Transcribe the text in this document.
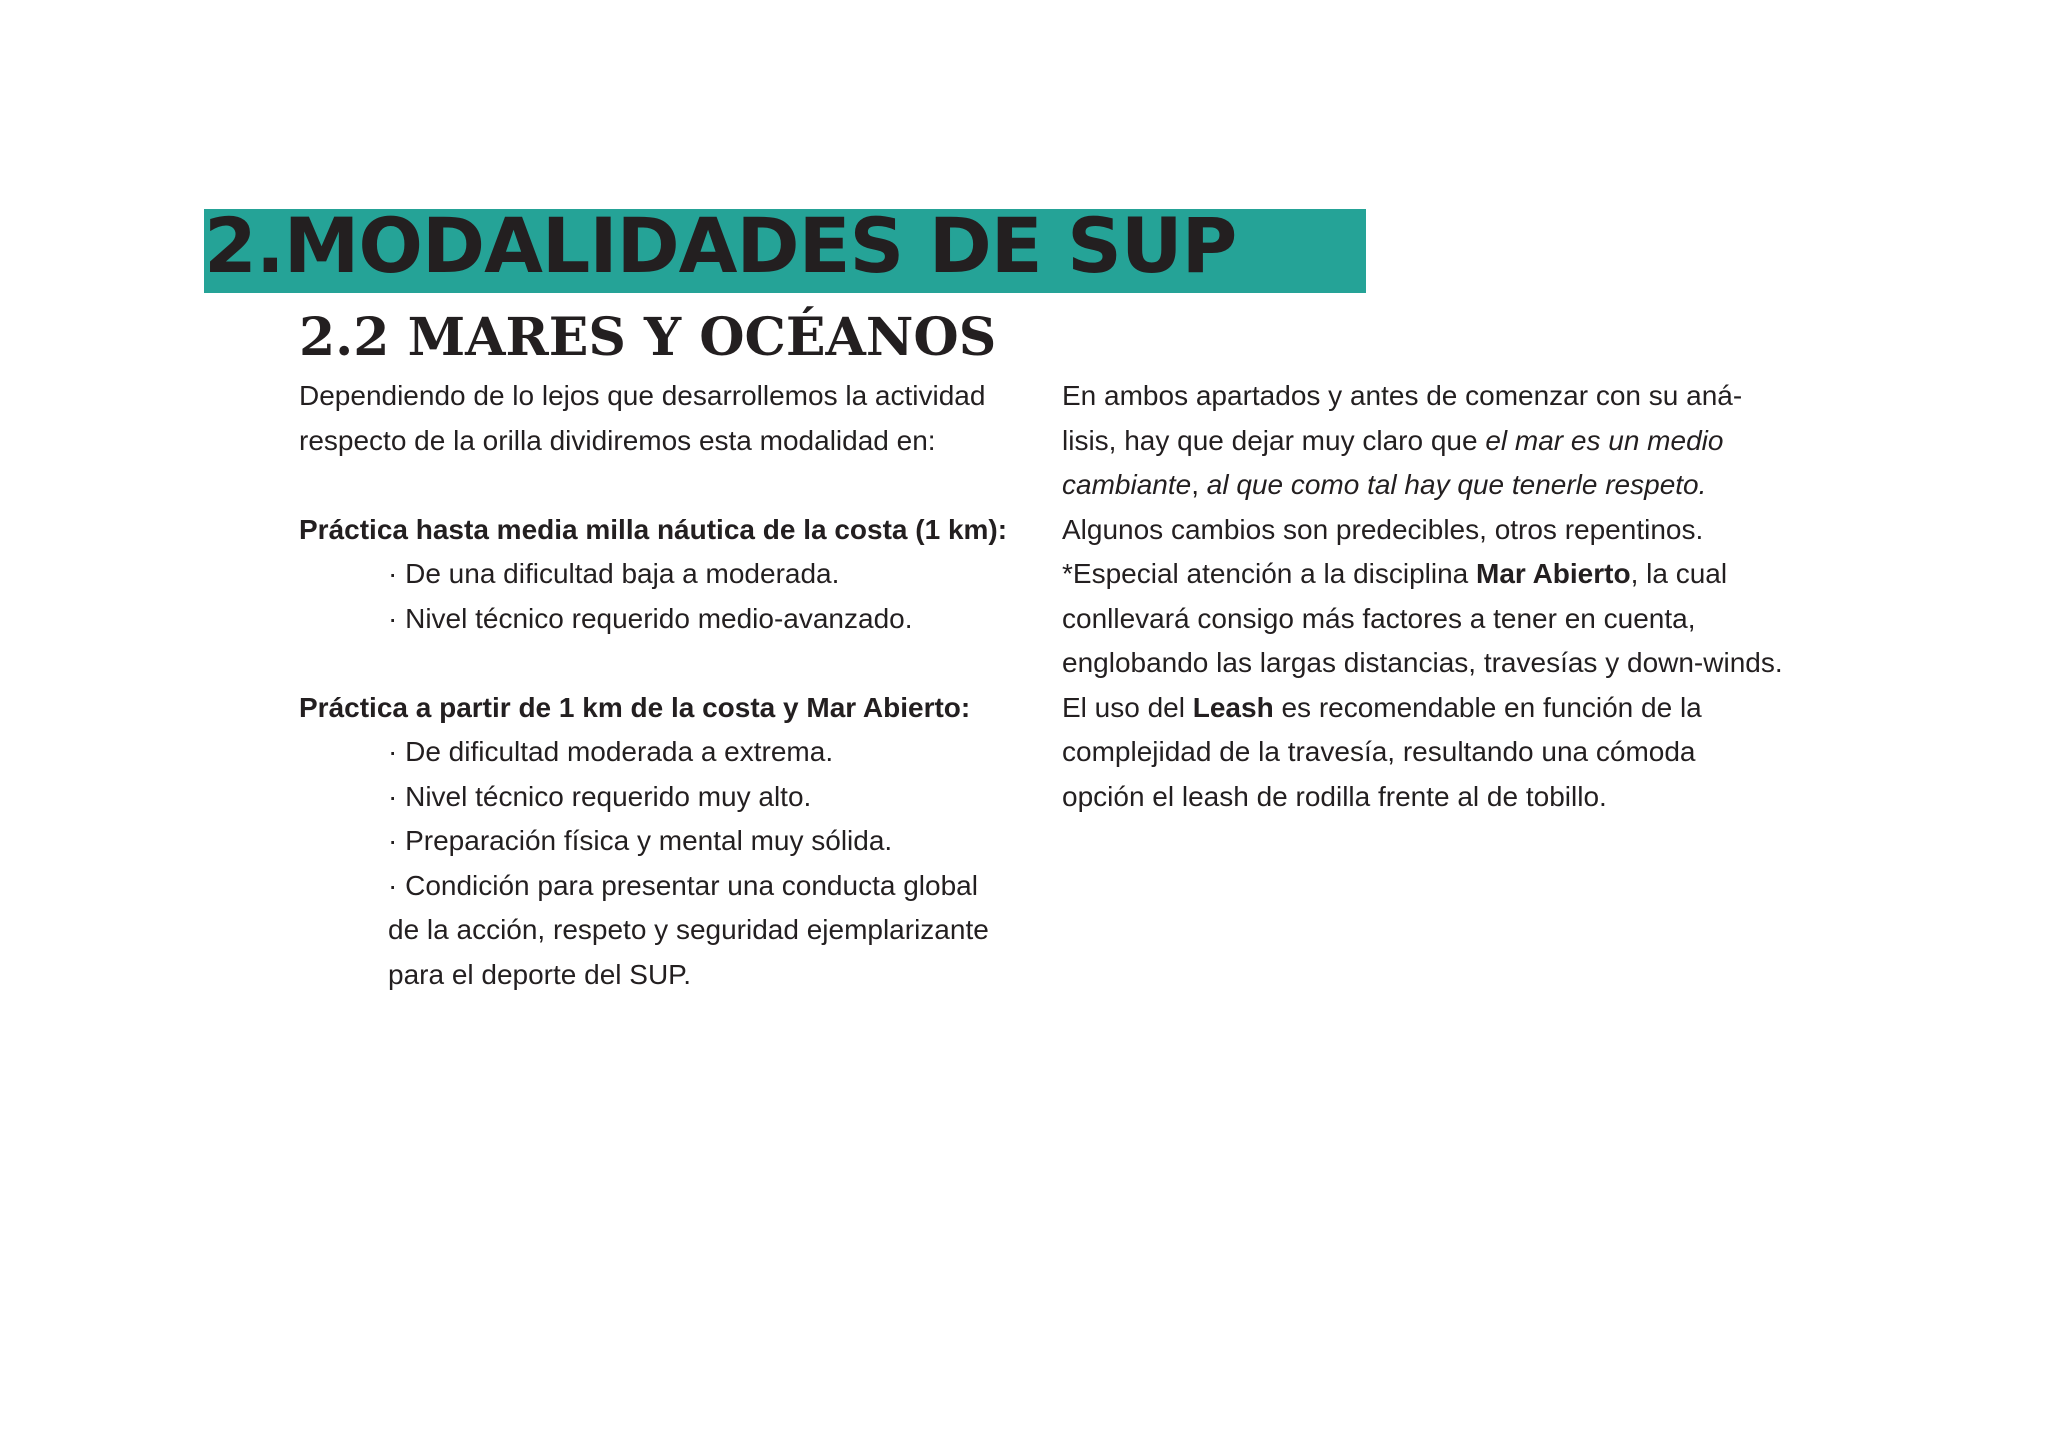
2.MODALIDADES DE SUP
2.2 MARES Y OCÉANOS
Dependiendo de lo lejos que desarrollemos la actividad
respecto de la orilla dividiremos esta modalidad en:
Práctica hasta media milla náutica de la costa (1 km):
· De una dificultad baja a moderada.
· Nivel técnico requerido medio-avanzado.
Práctica a partir de 1 km de la costa y Mar Abierto:
· De dificultad moderada a extrema.
· Nivel técnico requerido muy alto.
· Preparación física y mental muy sólida.
· Condición para presentar una conducta global
de la acción, respeto y seguridad ejemplarizante
para el deporte del SUP.
En ambos apartados y antes de comenzar con su aná-
lisis, hay que dejar muy claro que el mar es un medio
cambiante, al que como tal hay que tenerle respeto.
Algunos cambios son predecibles, otros repentinos.
*Especial atención a la disciplina Mar Abierto, la cual
conllevará consigo más factores a tener en cuenta,
englobando las largas distancias, travesías y down-winds.
El uso del Leash es recomendable en función de la
complejidad de la travesía, resultando una cómoda
opción el leash de rodilla frente al de tobillo.
